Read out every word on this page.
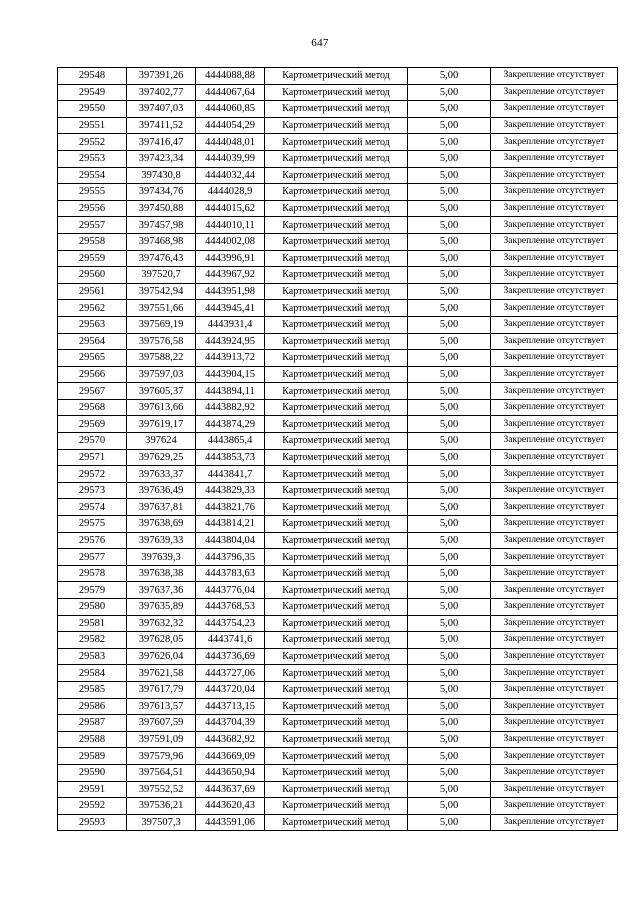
647
29548	397391,26	4444088,88	Картометрический метод	5,00	Закрепление отсутствует
29549	397402,77	4444067,64	Картометрический метод	5,00	Закрепление отсутствует
29550	397407,03	4444060,85	Картометрический метод	5,00	Закрепление отсутствует
29551	397411,52	4444054,29	Картометрический метод	5,00	Закрепление отсутствует
29552	397416,47	4444048,01	Картометрический метод	5,00	Закрепление отсутствует
29553	397423,34	4444039,99	Картометрический метод	5,00	Закрепление отсутствует
29554	397430,8	4444032,44	Картометрический метод	5,00	Закрепление отсутствует
29555	397434,76	4444028,9	Картометрический метод	5,00	Закрепление отсутствует
29556	397450,88	4444015,62	Картометрический метод	5,00	Закрепление отсутствует
29557	397457,98	4444010,11	Картометрический метод	5,00	Закрепление отсутствует
29558	397468,98	4444002,08	Картометрический метод	5,00	Закрепление отсутствует
29559	397476,43	4443996,91	Картометрический метод	5,00	Закрепление отсутствует
29560	397520,7	4443967,92	Картометрический метод	5,00	Закрепление отсутствует
29561	397542,94	4443951,98	Картометрический метод	5,00	Закрепление отсутствует
29562	397551,66	4443945,41	Картометрический метод	5,00	Закрепление отсутствует
29563	397569,19	4443931,4	Картометрический метод	5,00	Закрепление отсутствует
29564	397576,58	4443924,95	Картометрический метод	5,00	Закрепление отсутствует
29565	397588,22	4443913,72	Картометрический метод	5,00	Закрепление отсутствует
29566	397597,03	4443904,15	Картометрический метод	5,00	Закрепление отсутствует
29567	397605,37	4443894,11	Картометрический метод	5,00	Закрепление отсутствует
29568	397613,66	4443882,92	Картометрический метод	5,00	Закрепление отсутствует
29569	397619,17	4443874,29	Картометрический метод	5,00	Закрепление отсутствует
29570	397624	4443865,4	Картометрический метод	5,00	Закрепление отсутствует
29571	397629,25	4443853,73	Картометрический метод	5,00	Закрепление отсутствует
29572	397633,37	4443841,7	Картометрический метод	5,00	Закрепление отсутствует
29573	397636,49	4443829,33	Картометрический метод	5,00	Закрепление отсутствует
29574	397637,81	4443821,76	Картометрический метод	5,00	Закрепление отсутствует
29575	397638,69	4443814,21	Картометрический метод	5,00	Закрепление отсутствует
29576	397639,33	4443804,04	Картометрический метод	5,00	Закрепление отсутствует
29577	397639,3	4443796,35	Картометрический метод	5,00	Закрепление отсутствует
29578	397638,38	4443783,63	Картометрический метод	5,00	Закрепление отсутствует
29579	397637,36	4443776,04	Картометрический метод	5,00	Закрепление отсутствует
29580	397635,89	4443768,53	Картометрический метод	5,00	Закрепление отсутствует
29581	397632,32	4443754,23	Картометрический метод	5,00	Закрепление отсутствует
29582	397628,05	4443741,6	Картометрический метод	5,00	Закрепление отсутствует
29583	397626,04	4443736,69	Картометрический метод	5,00	Закрепление отсутствует
29584	397621,58	4443727,06	Картометрический метод	5,00	Закрепление отсутствует
29585	397617,79	4443720,04	Картометрический метод	5,00	Закрепление отсутствует
29586	397613,57	4443713,15	Картометрический метод	5,00	Закрепление отсутствует
29587	397607,59	4443704,39	Картометрический метод	5,00	Закрепление отсутствует
29588	397591,09	4443682,92	Картометрический метод	5,00	Закрепление отсутствует
29589	397579,96	4443669,09	Картометрический метод	5,00	Закрепление отсутствует
29590	397564,51	4443650,94	Картометрический метод	5,00	Закрепление отсутствует
29591	397552,52	4443637,69	Картометрический метод	5,00	Закрепление отсутствует
29592	397536,21	4443620,43	Картометрический метод	5,00	Закрепление отсутствует
29593	397507,3	4443591,06	Картометрический метод	5,00	Закрепление отсутствует
